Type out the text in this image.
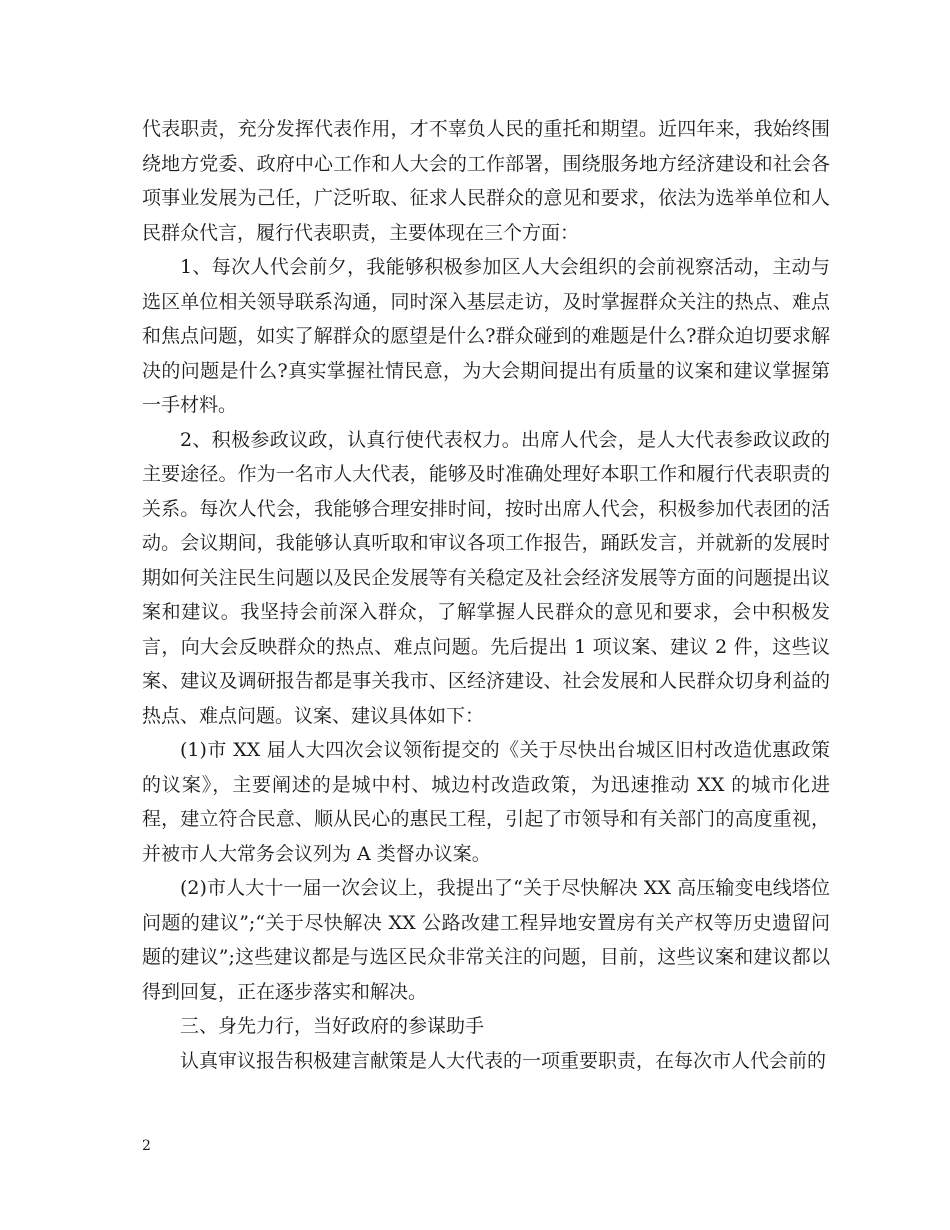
代表职责，充分发挥代表作用，才不辜负人民的重托和期望。近四年来，我始终围绕地方党委、政府中心工作和人大会的工作部署，围绕服务地方经济建设和社会各项事业发展为己任，广泛听取、征求人民群众的意见和要求，依法为选举单位和人民群众代言，履行代表职责，主要体现在三个方面：

1、每次人代会前夕，我能够积极参加区人大会组织的会前视察活动，主动与选区单位相关领导联系沟通，同时深入基层走访，及时掌握群众关注的热点、难点和焦点问题，如实了解群众的愿望是什么?群众碰到的难题是什么?群众迫切要求解决的问题是什么?真实掌握社情民意，为大会期间提出有质量的议案和建议掌握第一手材料。

2、积极参政议政，认真行使代表权力。出席人代会，是人大代表参政议政的主要途径。作为一名市人大代表，能够及时准确处理好本职工作和履行代表职责的关系。每次人代会，我能够合理安排时间，按时出席人代会，积极参加代表团的活动。会议期间，我能够认真听取和审议各项工作报告，踊跃发言，并就新的发展时期如何关注民生问题以及民企发展等有关稳定及社会经济发展等方面的问题提出议案和建议。我坚持会前深入群众，了解掌握人民群众的意见和要求，会中积极发言，向大会反映群众的热点、难点问题。先后提出 1 项议案、建议 2 件，这些议案、建议及调研报告都是事关我市、区经济建设、社会发展和人民群众切身利益的热点、难点问题。议案、建议具体如下：

(1)市 XX 届人大四次会议领衔提交的《关于尽快出台城区旧村改造优惠政策的议案》，主要阐述的是城中村、城边村改造政策，为迅速推动 XX 的城市化进程，建立符合民意、顺从民心的惠民工程，引起了市领导和有关部门的高度重视，并被市人大常务会议列为 A 类督办议案。

(2)市人大十一届一次会议上，我提出了“关于尽快解决 XX 高压输变电线塔位问题的建议”;“关于尽快解决 XX 公路改建工程异地安置房有关产权等历史遗留问题的建议”;这些建议都是与选区民众非常关注的问题，目前，这些议案和建议都以得到回复，正在逐步落实和解决。

三、身先力行，当好政府的参谋助手

认真审议报告积极建言献策是人大代表的一项重要职责，在每次市人代会前的

2
